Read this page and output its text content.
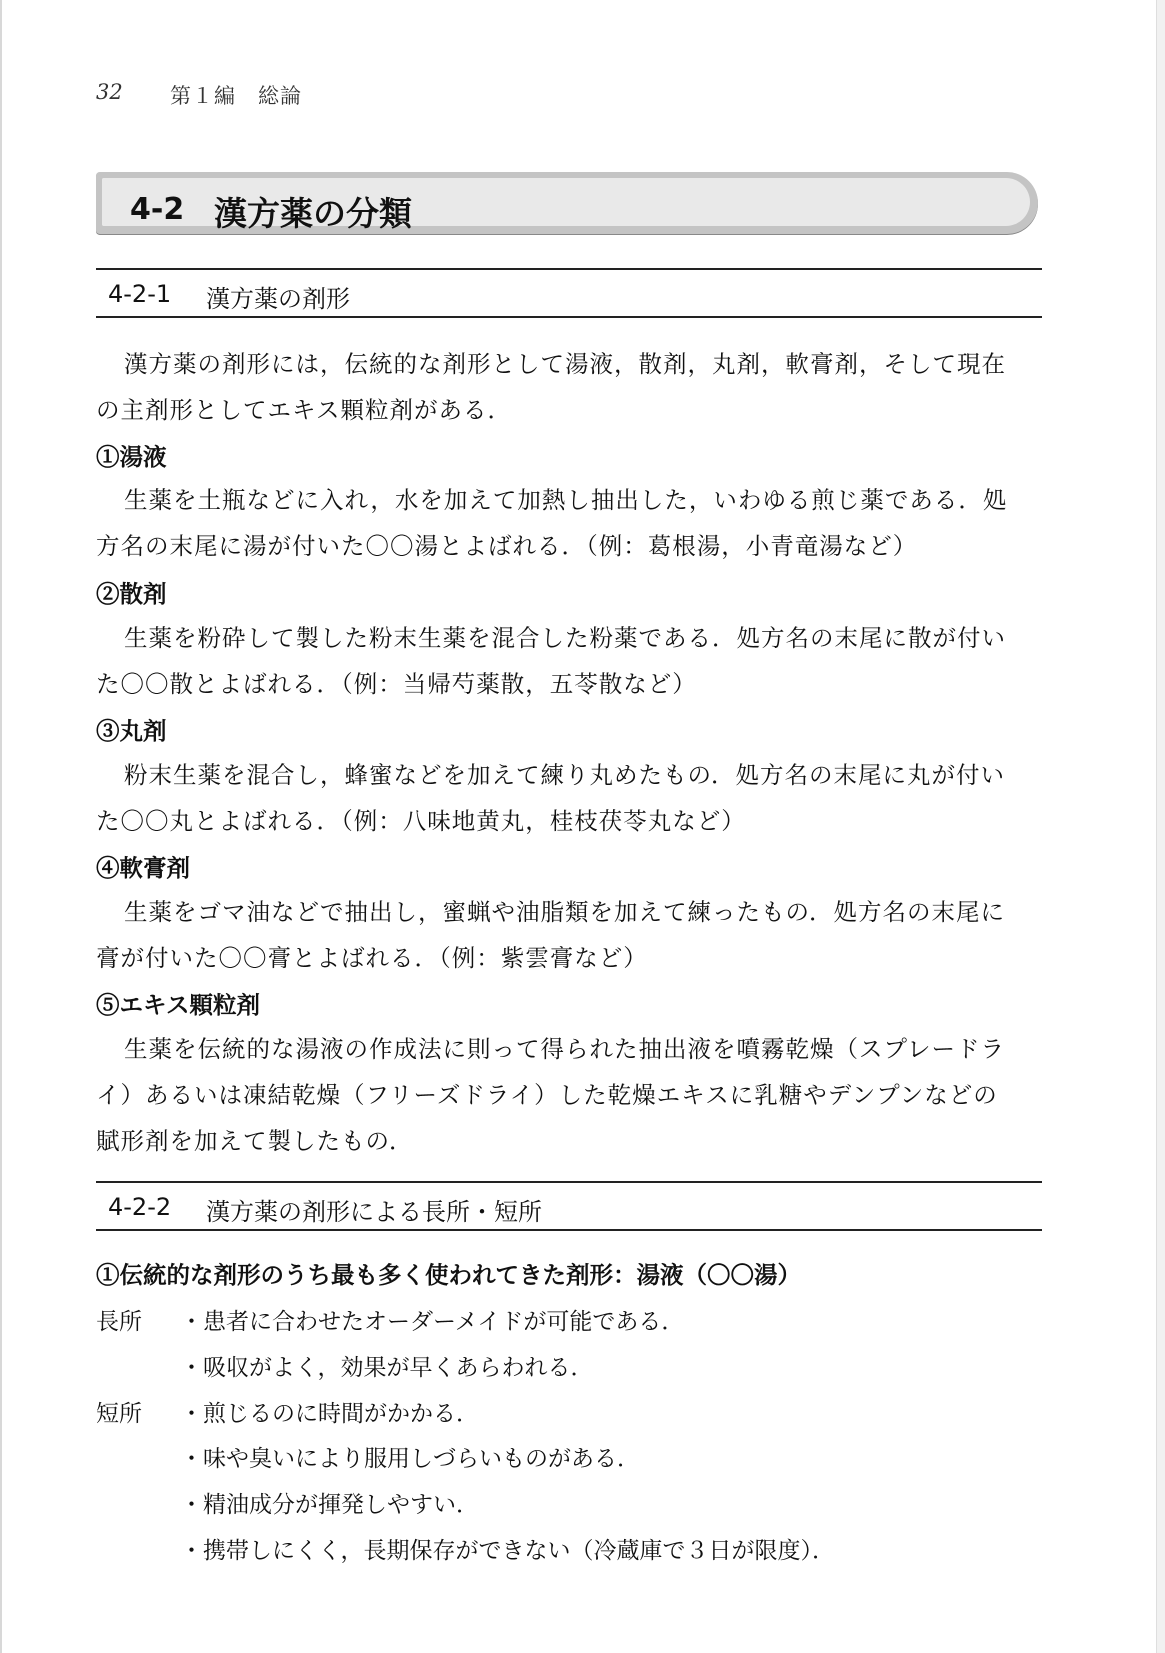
32 第１編　総論
4-2 漢方薬の分類
4-2-1 漢方薬の剤形
漢方薬の剤形には，伝統的な剤形として湯液，散剤，丸剤，軟膏剤，そして現在
の主剤形としてエキス顆粒剤がある．
①湯液
生薬を土瓶などに入れ，水を加えて加熱し抽出した，いわゆる煎じ薬である．処
方名の末尾に湯が付いた〇〇湯とよばれる．（例：葛根湯，小青竜湯など）
②散剤
生薬を粉砕して製した粉末生薬を混合した粉薬である．処方名の末尾に散が付い
た〇〇散とよばれる．（例：当帰芍薬散，五苓散など）
③丸剤
粉末生薬を混合し，蜂蜜などを加えて練り丸めたもの．処方名の末尾に丸が付い
た〇〇丸とよばれる．（例：八味地黄丸，桂枝茯苓丸など）
④軟膏剤
生薬をゴマ油などで抽出し，蜜蝋や油脂類を加えて練ったもの．処方名の末尾に
膏が付いた〇〇膏とよばれる．（例：紫雲膏など）
⑤エキス顆粒剤
生薬を伝統的な湯液の作成法に則って得られた抽出液を噴霧乾燥（スプレードラ
イ）あるいは凍結乾燥（フリーズドライ）した乾燥エキスに乳糖やデンプンなどの
賦形剤を加えて製したもの．
4-2-2 漢方薬の剤形による長所・短所
①伝統的な剤形のうち最も多く使われてきた剤形：湯液（〇〇湯）
長所 ・患者に合わせたオーダーメイドが可能である．
・吸収がよく，効果が早くあらわれる．
短所 ・煎じるのに時間がかかる．
・味や臭いにより服用しづらいものがある．
・精油成分が揮発しやすい．
・携帯しにくく，長期保存ができない（冷蔵庫で３日が限度）．
